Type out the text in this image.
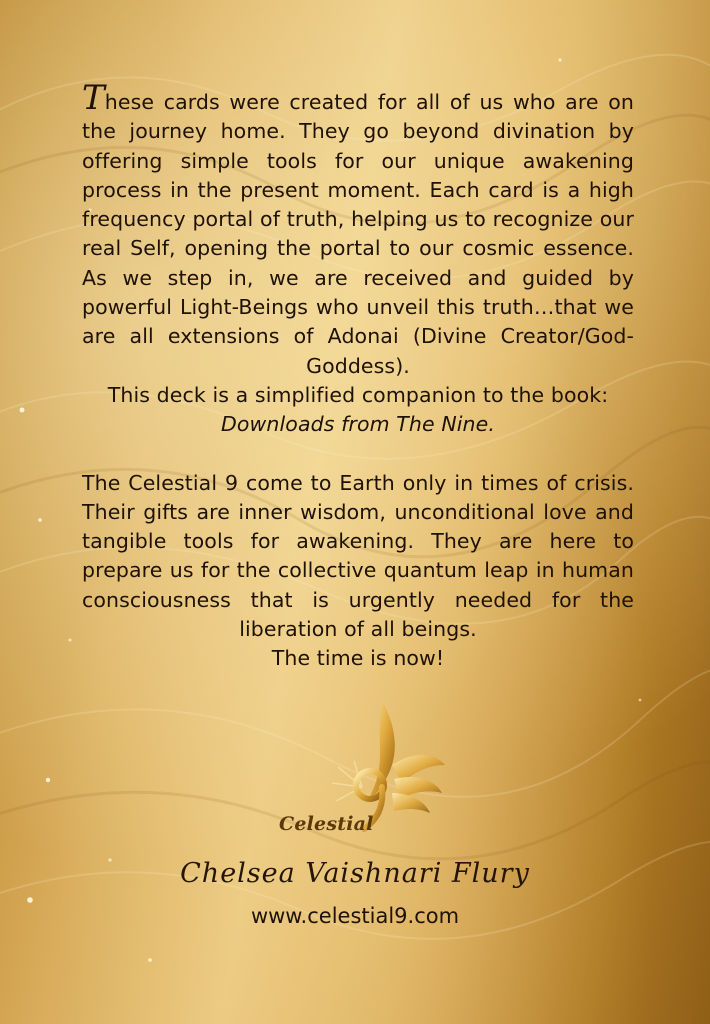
These cards were created for all of us who are on the journey home. They go beyond divination by offering simple tools for our unique awakening process in the present moment. Each card is a high frequency portal of truth, helping us to recognize our real Self, opening the portal to our cosmic essence. As we step in, we are received and guided by powerful Light-Beings who unveil this truth…that we are all extensions of Adonai (Divine Creator/God-Goddess).

This deck is a simplified companion to the book:

Downloads from The Nine.

The Celestial 9 come to Earth only in times of crisis. Their gifts are inner wisdom, unconditional love and tangible tools for awakening. They are here to prepare us for the collective quantum leap in human consciousness that is urgently needed for the liberation of all beings.

The time is now!

Celestial
Chelsea Vaishnari Flury
www.celestial9.com
